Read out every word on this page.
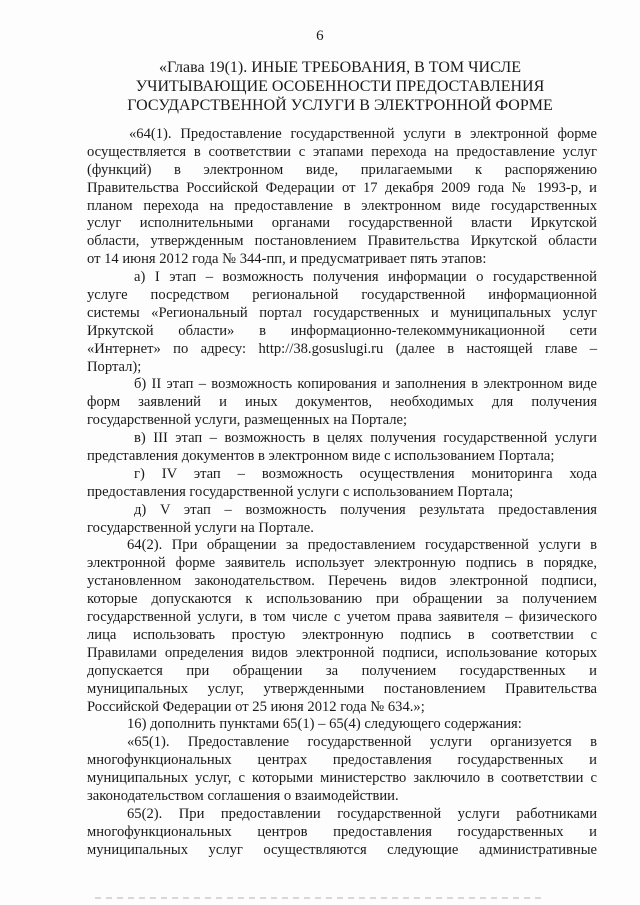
6
«Глава 19(1). ИНЫЕ ТРЕБОВАНИЯ, В ТОМ ЧИСЛЕ
УЧИТЫВАЮЩИЕ ОСОБЕННОСТИ ПРЕДОСТАВЛЕНИЯ
ГОСУДАРСТВЕННОЙ УСЛУГИ В ЭЛЕКТРОННОЙ ФОРМЕ
«64(1). Предоставление государственной услуги в электронной форме
осуществляется в соответствии с этапами перехода на предоставление услуг
(функций) в электронном виде, прилагаемыми к распоряжению
Правительства Российской Федерации от 17 декабря 2009 года № 1993-р, и
планом перехода на предоставление в электронном виде государственных
услуг исполнительными органами государственной власти Иркутской
области, утвержденным постановлением Правительства Иркутской области
от 14 июня 2012 года № 344-пп, и предусматривает пять этапов:
а) I этап – возможность получения информации о государственной
услуге посредством региональной государственной информационной
системы «Региональный портал государственных и муниципальных услуг
Иркутской области» в информационно-телекоммуникационной сети
«Интернет» по адресу: http://38.gosuslugi.ru (далее в настоящей главе –
Портал);
б) II этап – возможность копирования и заполнения в электронном виде
форм заявлений и иных документов, необходимых для получения
государственной услуги, размещенных на Портале;
в) III этап – возможность в целях получения государственной услуги
представления документов в электронном виде с использованием Портала;
г) IV этап – возможность осуществления мониторинга хода
предоставления государственной услуги с использованием Портала;
д) V этап – возможность получения результата предоставления
государственной услуги на Портале.
64(2). При обращении за предоставлением государственной услуги в
электронной форме заявитель использует электронную подпись в порядке,
установленном законодательством. Перечень видов электронной подписи,
которые допускаются к использованию при обращении за получением
государственной услуги, в том числе с учетом права заявителя – физического
лица использовать простую электронную подпись в соответствии с
Правилами определения видов электронной подписи, использование которых
допускается при обращении за получением государственных и
муниципальных услуг, утвержденными постановлением Правительства
Российской Федерации от 25 июня 2012 года № 634.»;
16) дополнить пунктами 65(1) – 65(4) следующего содержания:
«65(1). Предоставление государственной услуги организуется в
многофункциональных центрах предоставления государственных и
муниципальных услуг, с которыми министерство заключило в соответствии с
законодательством соглашения о взаимодействии.
65(2). При предоставлении государственной услуги работниками
многофункциональных центров предоставления государственных и
муниципальных услуг осуществляются следующие административные
